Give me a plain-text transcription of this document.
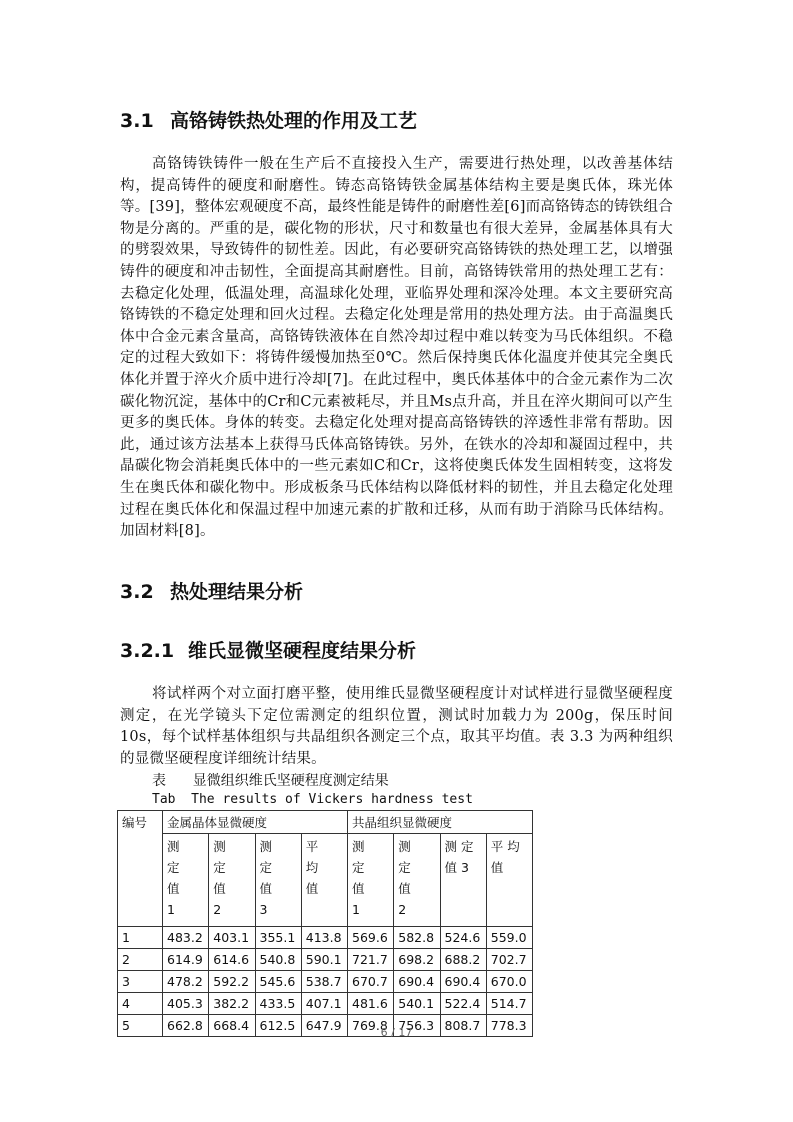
3.1 高铬铸铁热处理的作用及工艺

高铬铸铁铸件一般在生产后不直接投入生产，需要进行热处理，以改善基体结构，提高铸件的硬度和耐磨性。铸态高铬铸铁金属基体结构主要是奥氏体，珠光体等。[39]，整体宏观硬度不高，最终性能是铸件的耐磨性差[6]而高铬铸态的铸铁组合物是分离的。严重的是，碳化物的形状，尺寸和数量也有很大差异，金属基体具有大的劈裂效果，导致铸件的韧性差。因此，有必要研究高铬铸铁的热处理工艺，以增强铸件的硬度和冲击韧性，全面提高其耐磨性。目前，高铬铸铁常用的热处理工艺有：去稳定化处理，低温处理，高温球化处理，亚临界处理和深冷处理。本文主要研究高铬铸铁的不稳定处理和回火过程。去稳定化处理是常用的热处理方法。由于高温奥氏体中合金元素含量高，高铬铸铁液体在自然冷却过程中难以转变为马氏体组织。不稳定的过程大致如下：将铸件缓慢加热至0℃。然后保持奥氏体化温度并使其完全奥氏体化并置于淬火介质中进行冷却[7]。在此过程中，奥氏体基体中的合金元素作为二次碳化物沉淀，基体中的Cr和C元素被耗尽，并且Ms点升高，并且在淬火期间可以产生更多的奥氏体。身体的转变。去稳定化处理对提高高铬铸铁的淬透性非常有帮助。因此，通过该方法基本上获得马氏体高铬铸铁。另外，在铁水的冷却和凝固过程中，共晶碳化物会消耗奥氏体中的一些元素如C和Cr，这将使奥氏体发生固相转变，这将发生在奥氏体和碳化物中。形成板条马氏体结构以降低材料的韧性，并且去稳定化处理过程在奥氏体化和保温过程中加速元素的扩散和迁移，从而有助于消除马氏体结构。加固材料[8]。

3.2 热处理结果分析
3.2.1 维氏显微坚硬程度结果分析

将试样两个对立面打磨平整，使用维氏显微坚硬程度计对试样进行显微坚硬程度测定，在光学镜头下定位需测定的组织位置，测试时加载力为 200g，保压时间 10s，每个试样基体组织与共晶组织各测定三个点，取其平均值。表 3.3 为两种组织的显微坚硬程度详细统计结果。

表      显微组织维氏坚硬程度测定结果
Tab  The results of Vickers hardness test
编号	金属晶体显微硬度				共晶组织显微硬度			

	测
定
值
1	测
定
值
2	测
定
值
3	平
均
值	测
定
值
1	测
定
值
2	测 定
值 3	平 均
值

1	483.2	403.1	355.1	413.8	569.6	582.8	524.6	559.0
2	614.9	614.6	540.8	590.1	721.7	698.2	688.2	702.7
3	478.2	592.2	545.6	538.7	670.7	690.4	690.4	670.0
4	405.3	382.2	433.5	407.1	481.6	540.1	522.4	514.7
5	662.8	668.4	612.5	647.9	769.8	756.3	808.7	778.3
6 / 17
